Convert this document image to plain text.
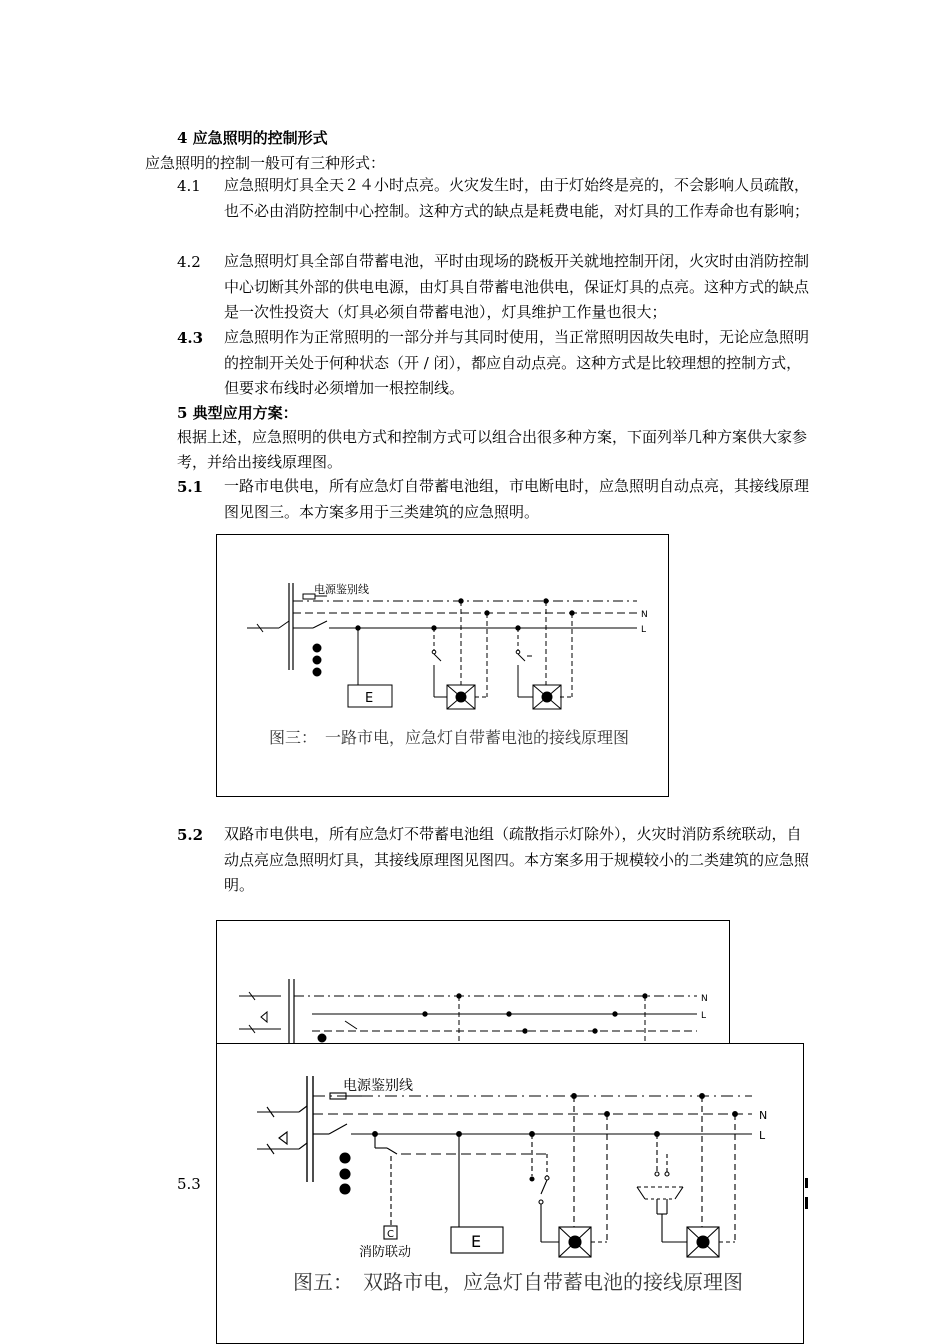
4 应急照明的控制形式
应急照明的控制一般可有三种形式：
4.1 应急照明灯具全天２４小时点亮。火灾发生时，由于灯始终是亮的，不会影响人员疏散，也不必由消防控制中心控制。这种方式的缺点是耗费电能，对灯具的工作寿命也有影响；
4.2 应急照明灯具全部自带蓄电池，平时由现场的跷板开关就地控制开闭，火灾时由消防控制中心切断其外部的供电电源，由灯具自带蓄电池供电，保证灯具的点亮。这种方式的缺点是一次性投资大（灯具必须自带蓄电池），灯具维护工作量也很大；
4.3 应急照明作为正常照明的一部分并与其同时使用，当正常照明因故失电时，无论应急照明的控制开关处于何种状态（开 / 闭），都应自动点亮。这种方式是比较理想的控制方式，但要求布线时必须增加一根控制线。
5 典型应用方案：
根据上述，应急照明的供电方式和控制方式可以组合出很多种方案，下面列举几种方案供大家参考，并给出接线原理图。
5.1 一路市电供电，所有应急灯自带蓄电池组，市电断电时，应急照明自动点亮，其接线原理图见图三。本方案多用于三类建筑的应急照明。
电源鉴别线
N
L
E
图三：　一路市电，应急灯自带蓄电池的接线原理图
5.2 双路市电供电，所有应急灯不带蓄电池组（疏散指示灯除外），火灾时消防系统联动，自动点亮应急照明灯具，其接线原理图见图四。本方案多用于规模较小的二类建筑的应急照明。
N
L
5.3
电源鉴别线
N
L
C
消防联动
E
图五：　双路市电，应急灯自带蓄电池的接线原理图
